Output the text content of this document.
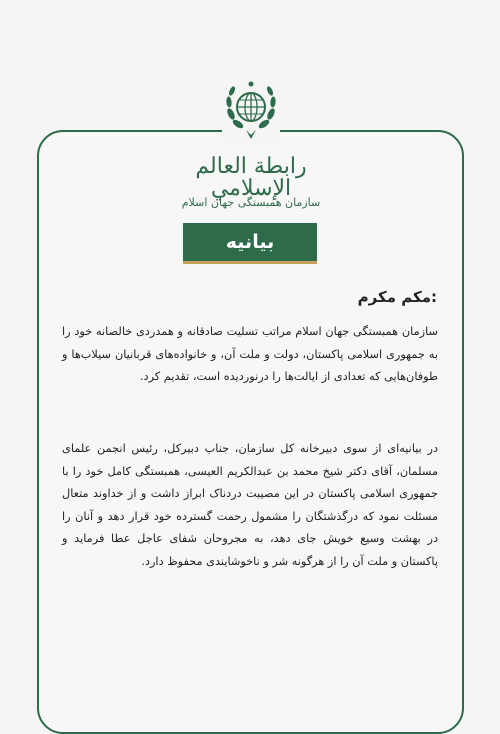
رابطة العالم الإسلامي
سازمان همبستگی جهان اسلام
بیانیه
مکم مکرم:
سازمان همبستگی جهان اسلام مراتب تسلیت صادقانه و همدردی خالصانه خود را به جمهوری اسلامی پاکستان، دولت و ملت آن، و خانواده‌های قربانیان سیلاب‌ها و طوفان‌هایی که تعدادی از ایالت‌ها را درنوردیده است، تقدیم کرد.
در بیانیه‌ای از سوی دبیرخانه کل سازمان، جناب دبیرکل، رئیس انجمن علمای مسلمان، آقای دکتر شیخ محمد بن عبدالکریم العیسی، همبستگی کامل خود را با جمهوری اسلامی پاکستان در این مصیبت دردناک ابراز داشت و از خداوند متعال مسئلت نمود که درگذشتگان را مشمول رحمت گسترده خود قرار دهد و آنان را در بهشت وسیع خویش جای دهد، به مجروحان شفای عاجل عطا فرماید و پاکستان و ملت آن را از هرگونه شر و ناخوشایندی محفوظ دارد.
